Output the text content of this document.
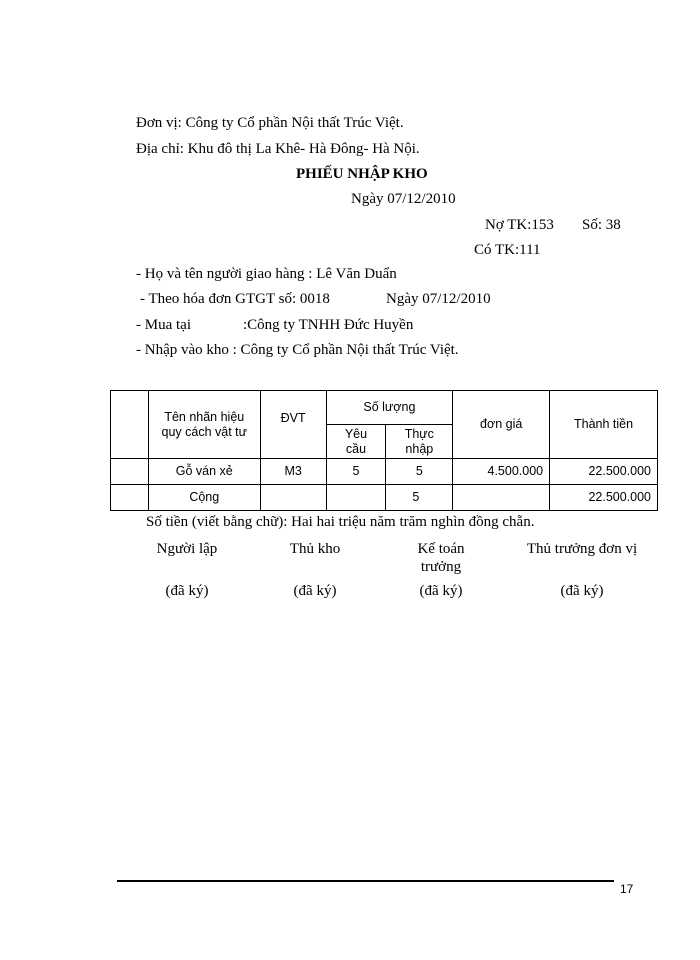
Đơn vị: Công ty Cổ phần Nội thất Trúc Việt.
Địa chỉ: Khu đô thị La Khê- Hà Đông- Hà Nội.
PHIẾU NHẬP KHO
Ngày 07/12/2010
Nợ TK:153 Số: 38
Có TK:111
- Họ và tên người giao hàng : Lê Văn Duẩn
- Theo hóa đơn GTGT số: 0018	Ngày 07/12/2010
- Mua tại	:Công ty TNHH Đức Huyền
- Nhập vào kho : Công ty Cổ phần Nội thất Trúc Việt.

	Tên nhãn hiệu quy cách vật tư	ĐVT	Số lượng		đơn giá	Thành tiền

			Yêu cầu	Thực nhập		

	Gỗ ván xẻ	M3	5	5	4.500.000	22.500.000
	Cộng			5		22.500.000
Số tiền (viết bằng chữ): Hai hai triệu năm trăm nghìn đồng chẵn.
Người lập
(đã ký)
Thủ kho
(đã ký)
Kế toán trưởng
(đã ký)
Thủ trưởng đơn vị
(đã ký)
17
